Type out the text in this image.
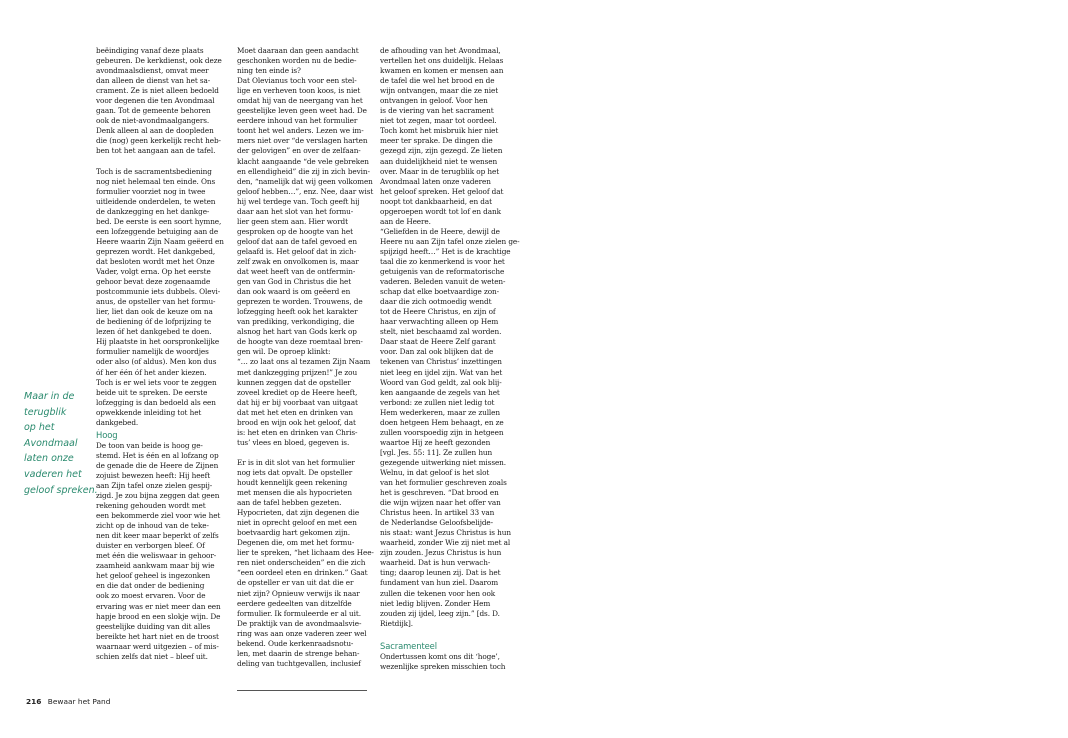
Maar in de
terugblik
op het
Avondmaal
laten onze
vaderen het
geloof spreken.
beëindiging vanaf deze plaats
gebeuren. De kerkdienst, ook deze
avondmaalsdienst, omvat meer
dan alleen de dienst van het sa-
crament. Ze is niet alleen bedoeld
voor degenen die ten Avondmaal
gaan. Tot de gemeente behoren
ook de niet-avondmaalgangers.
Denk alleen al aan de doopleden
die (nog) geen kerkelijk recht heb-
ben tot het aangaan aan de tafel.
Toch is de sacramentsbediening
nog niet helemaal ten einde. Ons
formulier voorziet nog in twee
uitleidende onderdelen, te weten
de dankzegging en het dankge-
bed. De eerste is een soort hymne,
een lofzeggende betuiging aan de
Heere waarin Zijn Naam geëerd en
geprezen wordt. Het dankgebed,
dat besloten wordt met het Onze
Vader, volgt erna. Op het eerste
gehoor bevat deze zogenaamde
postcommunie iets dubbels. Olevi-
anus, de opsteller van het formu-
lier, liet dan ook de keuze om na
de bediening óf de lofprijzing te
lezen óf het dankgebed te doen.
Hij plaatste in het oorspronkelijke
formulier namelijk de woordjes
oder also (of aldus). Men kon dus
óf her één óf het ander kiezen.
Toch is er wel iets voor te zeggen
beide uit te spreken. De eerste
lofzegging is dan bedoeld als een
opwekkende inleiding tot het
dankgebed.
Hoog
De toon van beide is hoog ge-
stemd. Het is één en al lofzang op
de genade die de Heere de Zijnen
zojuist bewezen heeft: Hij heeft
aan Zijn tafel onze zielen gespij-
zigd. Je zou bijna zeggen dat geen
rekening gehouden wordt met
een bekommerde ziel voor wie het
zicht op de inhoud van de teke-
nen dit keer maar beperkt of zelfs
duister en verborgen bleef. Of
met één die weliswaar in gehoor-
zaamheid aankwam maar bij wie
het geloof geheel is ingezonken
en die dat onder de bediening
ook zo moest ervaren. Voor de
ervaring was er niet meer dan een
hapje brood en een slokje wijn. De
geestelijke duiding van dit alles
bereikte het hart niet en de troost
waarnaar werd uitgezien – of mis-
schien zelfs dat niet – bleef uit.
Moet daaraan dan geen aandacht
geschonken worden nu de bedie-
ning ten einde is?
Dat Olevianus toch voor een stel-
lige en verheven toon koos, is niet
omdat hij van de neergang van het
geestelijke leven geen weet had. De
eerdere inhoud van het formulier
toont het wel anders. Lezen we im-
mers niet over “de verslagen harten
der gelovigen” en over de zelfaan-
klacht aangaande “de vele gebreken
en ellendigheid” die zij in zich bevin-
den, “namelijk dat wij geen volkomen
geloof hebben…”, enz. Nee, daar wist
hij wel terdege van. Toch geeft hij
daar aan het slot van het formu-
lier geen stem aan. Hier wordt
gesproken op de hoogte van het
geloof dat aan de tafel gevoed en
gelaafd is. Het geloof dat in zich-
zelf zwak en onvolkomen is, maar
dat weet heeft van de ontfermin-
gen van God in Christus die het
dan ook waard is om geëerd en
geprezen te worden. Trouwens, de
lofzegging heeft ook het karakter
van prediking, verkondiging, die
alsnog het hart van Gods kerk op
de hoogte van deze roemtaal bren-
gen wil. De oproep klinkt:
“… zo laat ons al tezamen Zijn Naam
met dankzegging prijzen!” Je zou
kunnen zeggen dat de opsteller
zoveel krediet op de Heere heeft,
dat hij er bij voorbaat van uitgaat
dat met het eten en drinken van
brood en wijn ook het geloof, dat
is: het eten en drinken van Chris-
tus’ vlees en bloed, gegeven is.
Er is in dit slot van het formulier
nog iets dat opvalt. De opsteller
houdt kennelijk geen rekening
met mensen die als hypocrieten
aan de tafel hebben gezeten.
Hypocrieten, dat zijn degenen die
niet in oprecht geloof en met een
boetvaardig hart gekomen zijn.
Degenen die, om met het formu-
lier te spreken, “het lichaam des Hee-
ren niet onderscheiden” en die zich
“een oordeel eten en drinken.” Gaat
de opsteller er van uit dat die er
niet zijn? Opnieuw verwijs ik naar
eerdere gedeelten van ditzelfde
formulier. Ik formuleerde er al uit.
De praktijk van de avondmaalsvie-
ring was aan onze vaderen zeer wel
bekend. Oude kerkenraadsnotu-
len, met daarin de strenge behan-
deling van tuchtgevallen, inclusief
de afhouding van het Avondmaal,
vertellen het ons duidelijk. Helaas
kwamen en komen er mensen aan
de tafel die wel het brood en de
wijn ontvangen, maar die ze niet
ontvangen in geloof. Voor hen
is de viering van het sacrament
niet tot zegen, maar tot oordeel.
Toch komt het misbruik hier niet
meer ter sprake. De dingen die
gezegd zijn, zijn gezegd. Ze lieten
aan duidelijkheid niet te wensen
over. Maar in de terugblik op het
Avondmaal laten onze vaderen
het geloof spreken. Het geloof dat
noopt tot dankbaarheid, en dat
opgeroepen wordt tot lof en dank
aan de Heere.
“Geliefden in de Heere, dewijl de
Heere nu aan Zijn tafel onze zielen ge-
spijzigd heeft…” Het is de krachtige
taal die zo kenmerkend is voor het
getuigenis van de reformatorische
vaderen. Beleden vanuit de weten-
schap dat elke boetvaardige zon-
daar die zich ootmoedig wendt
tot de Heere Christus, en zijn of
haar verwachting alleen op Hem
stelt, niet beschaamd zal worden.
Daar staat de Heere Zelf garant
voor. Dan zal ook blijken dat de
tekenen van Christus’ inzettingen
niet leeg en ijdel zijn. Wat van het
Woord van God geldt, zal ook blij-
ken aangaande de zegels van het
verbond: ze zullen niet ledig tot
Hem wederkeren, maar ze zullen
doen hetgeen Hem behaagt, en ze
zullen voorspoedig zijn in hetgeen
waartoe Hij ze heeft gezonden
[vgl. Jes. 55: 11]. Ze zullen hun
gezegende uitwerking niet missen.
Welnu, in dat geloof is het slot
van het formulier geschreven zoals
het is geschreven. “Dat brood en
die wijn wijzen naar het offer van
Christus heen. In artikel 33 van
de Nederlandse Geloofsbelijde-
nis staat: want Jezus Christus is hun
waarheid, zonder Wie zij niet met al
zijn zouden. Jezus Christus is hun
waarheid. Dat is hun verwach-
ting; daarop leunen zij. Dat is het
fundament van hun ziel. Daarom
zullen die tekenen voor hen ook
niet ledig blijven. Zonder Hem
zouden zij ijdel, leeg zijn.” [ds. D.
Rietdijk].
Sacramenteel
Ondertussen komt ons dit ‘hoge’,
wezenlijke spreken misschien toch
216 Bewaar het Pand
